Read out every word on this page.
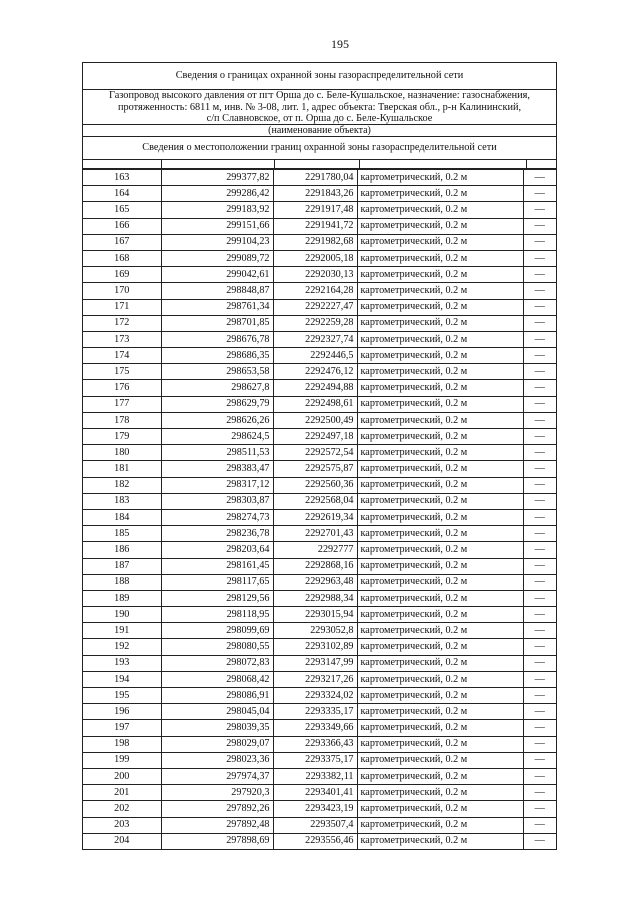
195
Сведения о границах охранной зоны газораспределительной сети
Газопровод высокого давления от пгт Орша до с. Беле-Кушальское, назначение: газоснабжения,
протяженность: 6811 м, инв. № 3-08, лит. 1, адрес объекта: Тверская обл., р-н Калининский,
с/п Славновское, от п. Орша до с. Беле-Кушальское
(наименование объекта)
Сведения о местоположении границ охранной зоны газораспределительной сети
163	299377,82	2291780,04	картометрический, 0.2 м	—
164	299286,42	2291843,26	картометрический, 0.2 м	—
165	299183,92	2291917,48	картометрический, 0.2 м	—
166	299151,66	2291941,72	картометрический, 0.2 м	—
167	299104,23	2291982,68	картометрический, 0.2 м	—
168	299089,72	2292005,18	картометрический, 0.2 м	—
169	299042,61	2292030,13	картометрический, 0.2 м	—
170	298848,87	2292164,28	картометрический, 0.2 м	—
171	298761,34	2292227,47	картометрический, 0.2 м	—
172	298701,85	2292259,28	картометрический, 0.2 м	—
173	298676,78	2292327,74	картометрический, 0.2 м	—
174	298686,35	2292446,5	картометрический, 0.2 м	—
175	298653,58	2292476,12	картометрический, 0.2 м	—
176	298627,8	2292494,88	картометрический, 0.2 м	—
177	298629,79	2292498,61	картометрический, 0.2 м	—
178	298626,26	2292500,49	картометрический, 0.2 м	—
179	298624,5	2292497,18	картометрический, 0.2 м	—
180	298511,53	2292572,54	картометрический, 0.2 м	—
181	298383,47	2292575,87	картометрический, 0.2 м	—
182	298317,12	2292560,36	картометрический, 0.2 м	—
183	298303,87	2292568,04	картометрический, 0.2 м	—
184	298274,73	2292619,34	картометрический, 0.2 м	—
185	298236,78	2292701,43	картометрический, 0.2 м	—
186	298203,64	2292777	картометрический, 0.2 м	—
187	298161,45	2292868,16	картометрический, 0.2 м	—
188	298117,65	2292963,48	картометрический, 0.2 м	—
189	298129,56	2292988,34	картометрический, 0.2 м	—
190	298118,95	2293015,94	картометрический, 0.2 м	—
191	298099,69	2293052,8	картометрический, 0.2 м	—
192	298080,55	2293102,89	картометрический, 0.2 м	—
193	298072,83	2293147,99	картометрический, 0.2 м	—
194	298068,42	2293217,26	картометрический, 0.2 м	—
195	298086,91	2293324,02	картометрический, 0.2 м	—
196	298045,04	2293335,17	картометрический, 0.2 м	—
197	298039,35	2293349,66	картометрический, 0.2 м	—
198	298029,07	2293366,43	картометрический, 0.2 м	—
199	298023,36	2293375,17	картометрический, 0.2 м	—
200	297974,37	2293382,11	картометрический, 0.2 м	—
201	297920,3	2293401,41	картометрический, 0.2 м	—
202	297892,26	2293423,19	картометрический, 0.2 м	—
203	297892,48	2293507,4	картометрический, 0.2 м	—
204	297898,69	2293556,46	картометрический, 0.2 м	—
